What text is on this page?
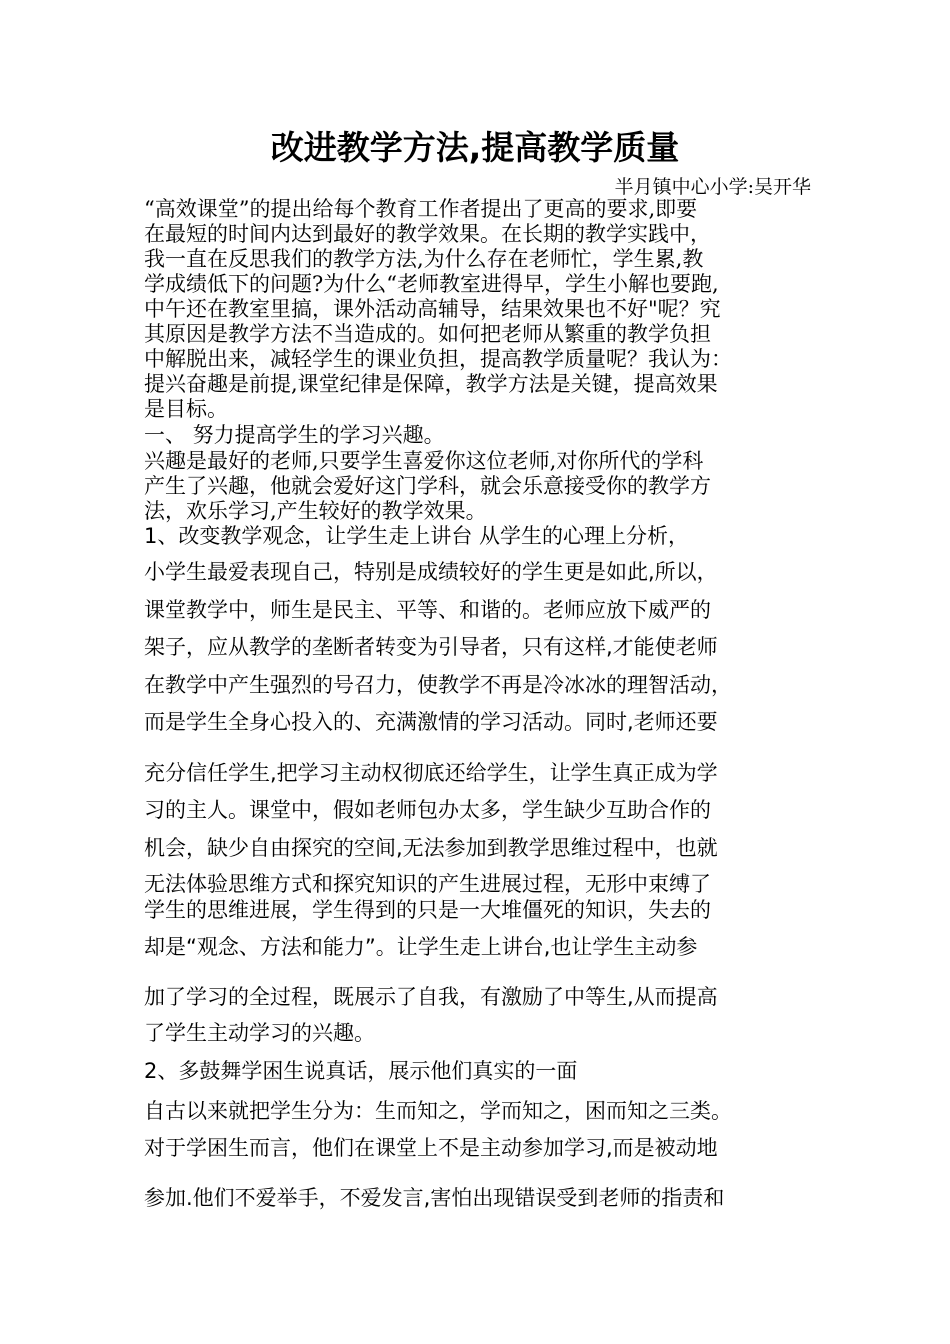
改进教学方法,提高教学质量
半月镇中心小学:吴开华
“高效课堂”的提出给每个教育工作者提出了更高的要求,即要
在最短的时间内达到最好的教学效果。在长期的教学实践中，
我一直在反思我们的教学方法,为什么存在老师忙，学生累,教
学成绩低下的问题?为什么“老师教室进得早，学生小解也要跑,
中午还在教室里搞，课外活动高辅导，结果效果也不好"呢？究
其原因是教学方法不当造成的。如何把老师从繁重的教学负担
中解脱出来，减轻学生的课业负担，提高教学质量呢？我认为：
提兴奋趣是前提,课堂纪律是保障，教学方法是关键，提高效果
是目标。
一、 努力提高学生的学习兴趣。
兴趣是最好的老师,只要学生喜爱你这位老师,对你所代的学科
产生了兴趣，他就会爱好这门学科，就会乐意接受你的教学方
法，欢乐学习,产生较好的教学效果。
1、改变教学观念，让学生走上讲台 从学生的心理上分析，
小学生最爱表现自己，特别是成绩较好的学生更是如此,所以，
课堂教学中，师生是民主、平等、和谐的。老师应放下威严的
架子，应从教学的垄断者转变为引导者，只有这样,才能使老师
在教学中产生强烈的号召力，使教学不再是冷冰冰的理智活动，
而是学生全身心投入的、充满激情的学习活动。同时,老师还要
充分信任学生,把学习主动权彻底还给学生，让学生真正成为学
习的主人。课堂中，假如老师包办太多，学生缺少互助合作的
机会，缺少自由探究的空间,无法参加到教学思维过程中，也就
无法体验思维方式和探究知识的产生进展过程，无形中束缚了
学生的思维进展，学生得到的只是一大堆僵死的知识，失去的
却是“观念、方法和能力”。让学生走上讲台,也让学生主动参
加了学习的全过程，既展示了自我，有激励了中等生,从而提高
了学生主动学习的兴趣。
2、多鼓舞学困生说真话，展示他们真实的一面
自古以来就把学生分为：生而知之，学而知之，困而知之三类。
对于学困生而言，他们在课堂上不是主动参加学习,而是被动地
参加.他们不爱举手，不爱发言,害怕出现错误受到老师的指责和
